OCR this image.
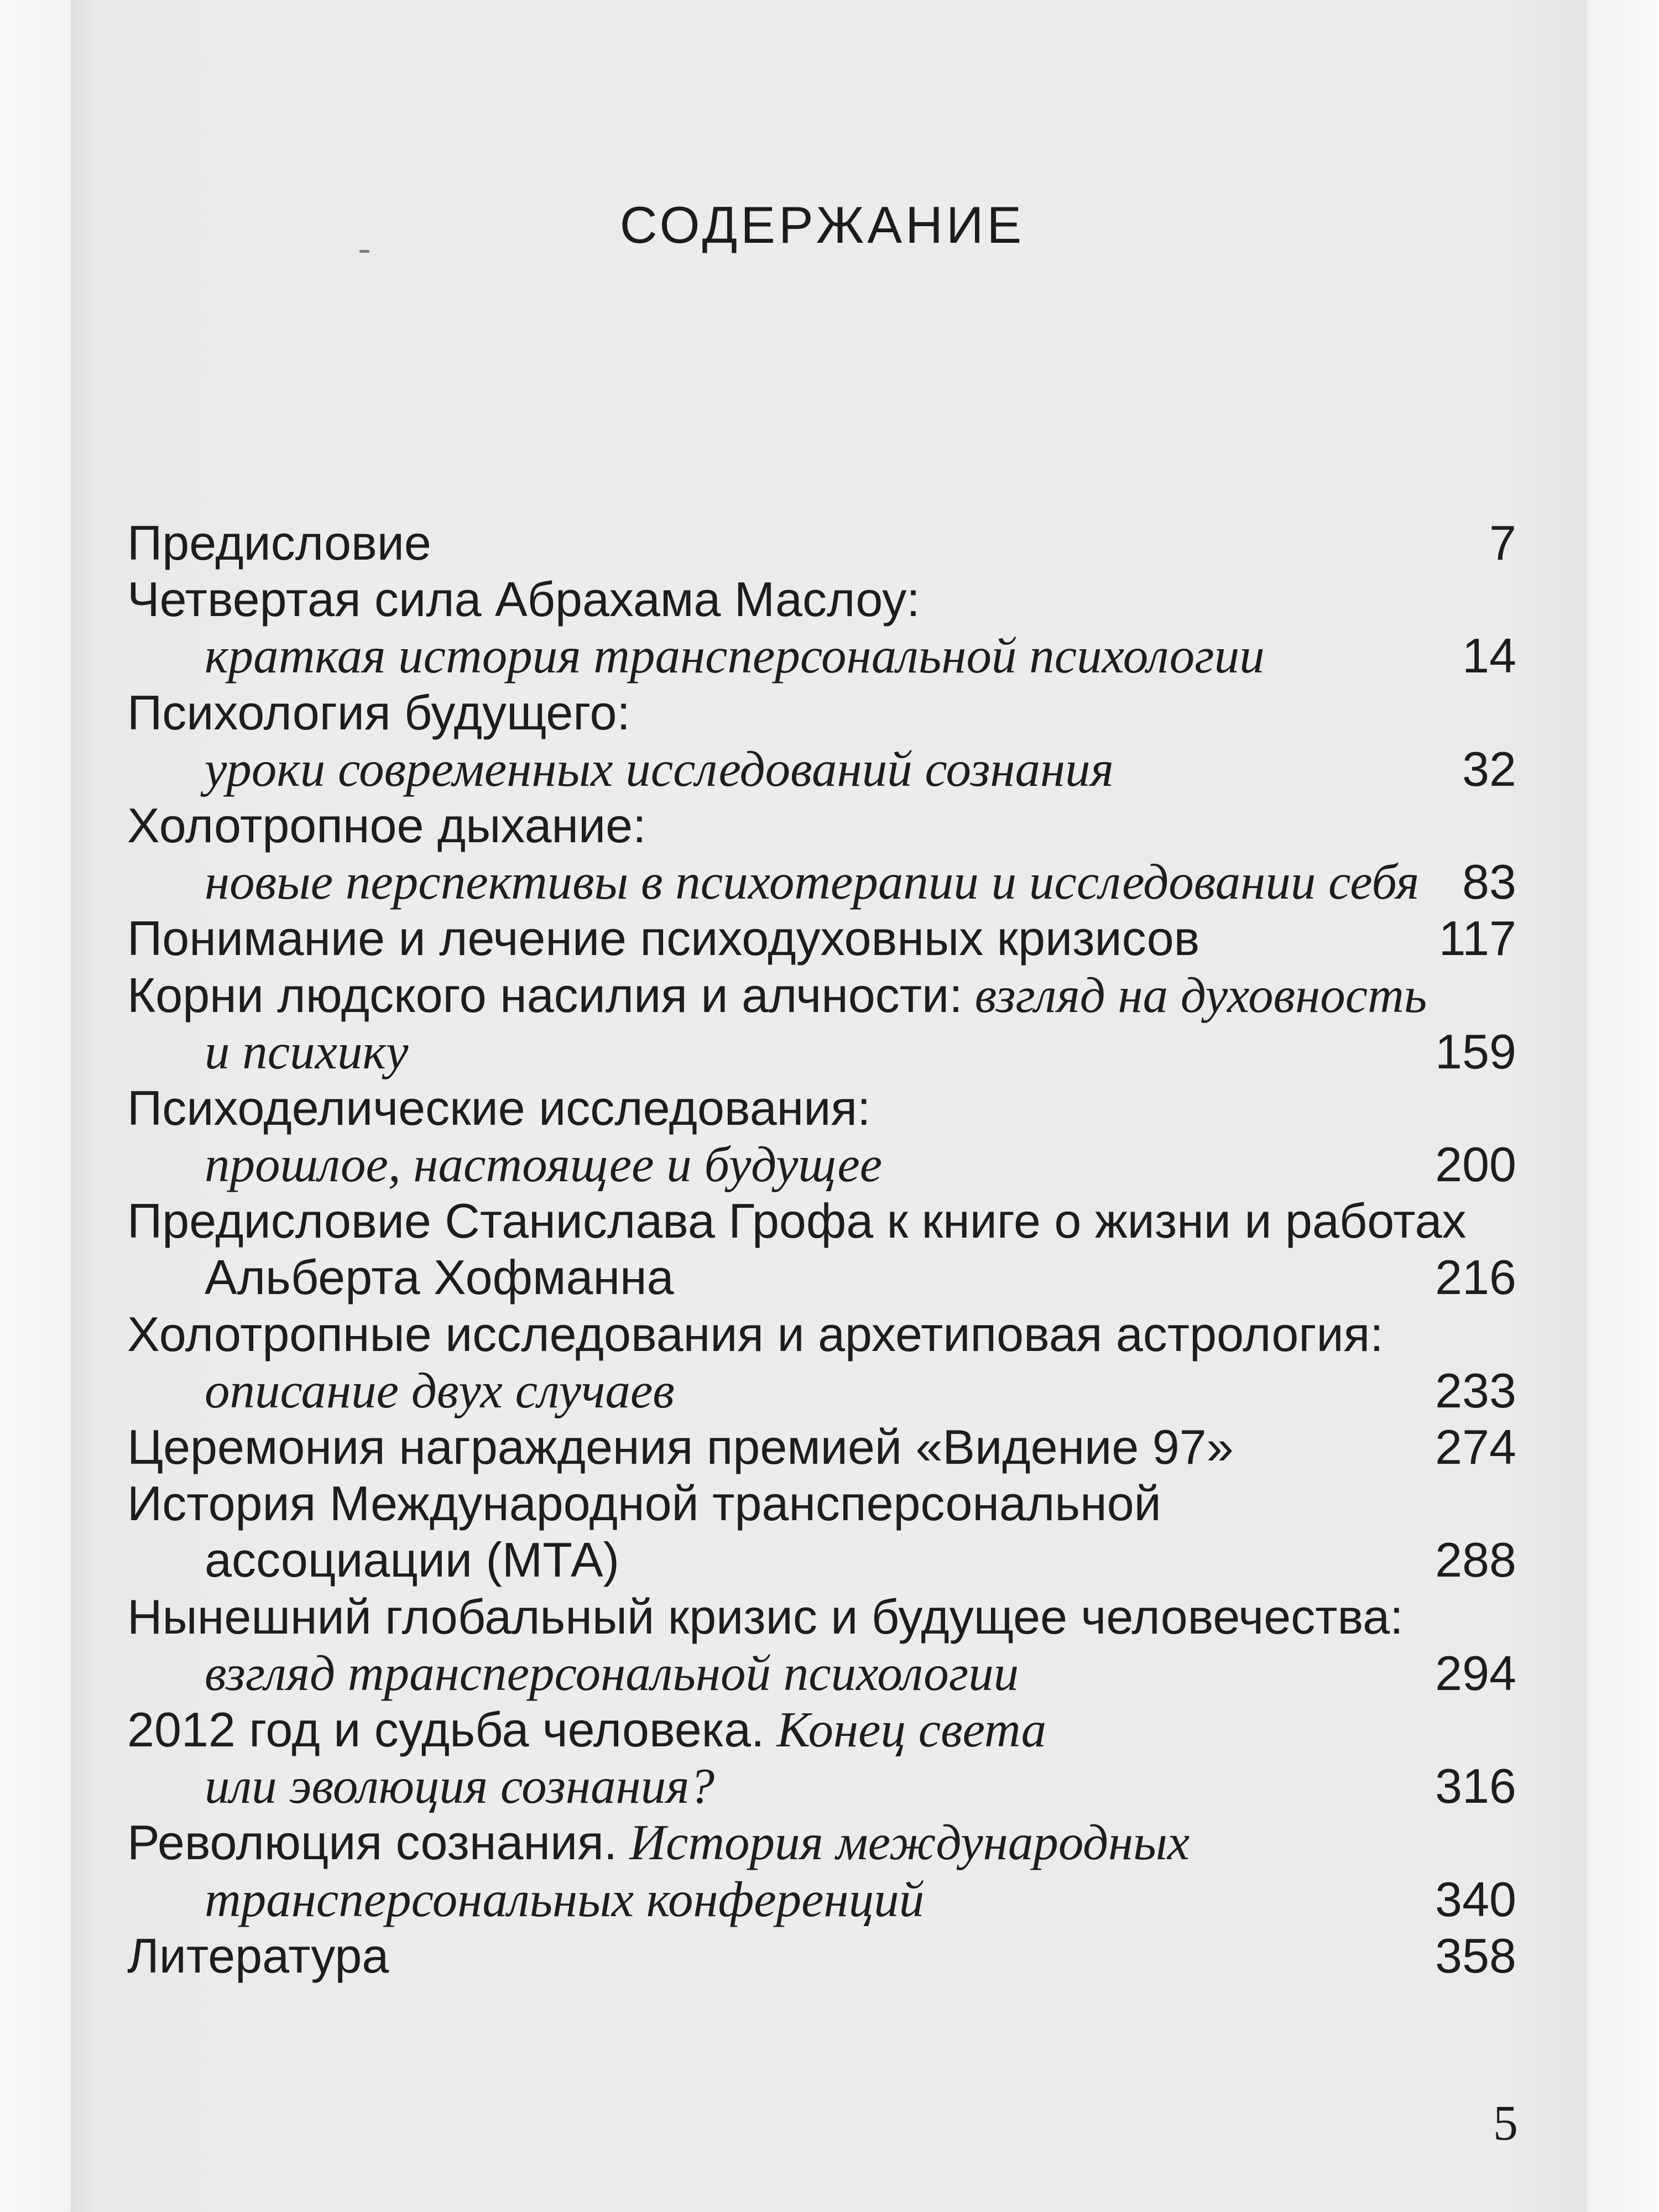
СОДЕРЖАНИЕ
Предисловие	7
Четвертая сила Абрахама Маслоу:
краткая история трансперсональной психологии	14
Психология будущего:
уроки современных исследований сознания	32
Холотропное дыхание:
новые перспективы в психотерапии и исследовании себя 83
Понимание и лечение психодуховных кризисов	117
Корни людского насилия и алчности: взгляд на духовность
и психику	159
Психоделические исследования:
прошлое, настоящее и будущее	200
Предисловие Станислава Грофа к книге о жизни и работах
Альберта Хофманна	216
Холотропные исследования и архетиповая астрология:
описание двух случаев	233
Церемония награждения премией «Видение 97»	274
История Международной трансперсональной
ассоциации (МТА)	288
Нынешний глобальный кризис и будущее человечества:
взгляд трансперсональной психологии	294
2012 год и судьба человека. Конец света
или эволюция сознания?	316
Революция сознания. История международных
трансперсональных конференций	340
Литература	358
5
